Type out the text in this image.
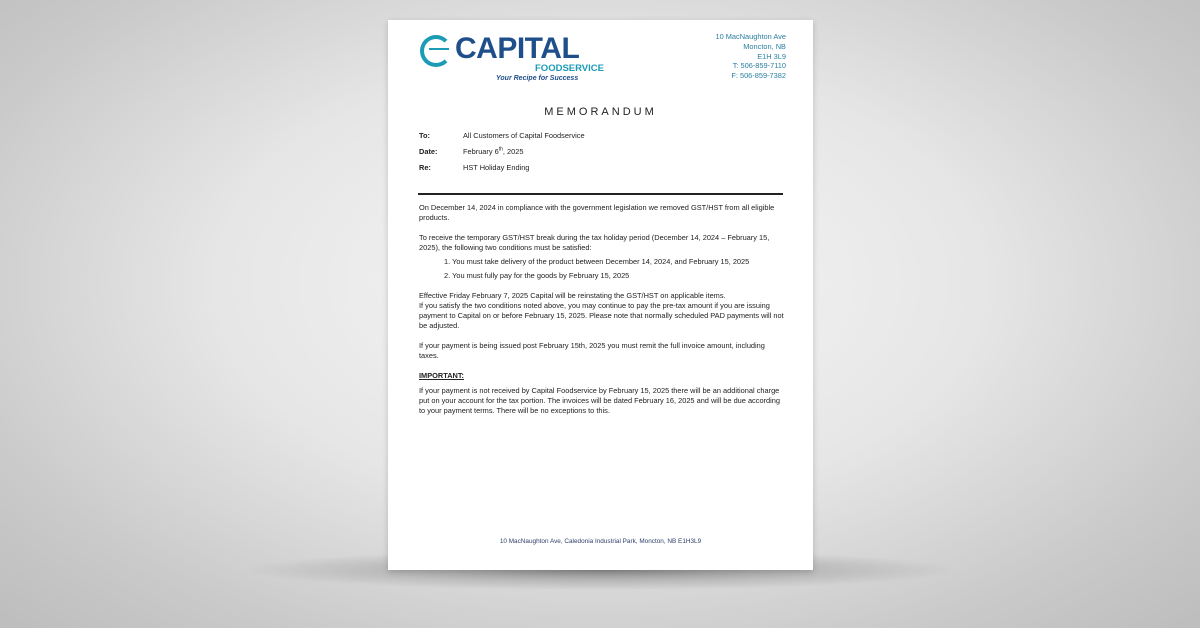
CAPITAL
FOODSERVICE
Your Recipe for Success
10 MacNaughton Ave
Moncton, NB
E1H 3L9
T: 506-859-7110
F: 506-859-7382
MEMORANDUM
To:	All Customers of Capital Foodservice
Date:	February 6th, 2025
Re:	HST Holiday Ending

On December 14, 2024 in compliance with the government legislation we removed GST/HST from all eligible products.

To receive the temporary GST/HST break during the tax holiday period (December 14, 2024 – February 15, 2025), the following two conditions must be satisfied:

1. You must take delivery of the product between December 14, 2024, and February 15, 2025
2. You must fully pay for the goods by February 15, 2025

Effective Friday February 7, 2025 Capital will be reinstating the GST/HST on applicable items.

If you satisfy the two conditions noted above, you may continue to pay the pre-tax amount if you are issuing payment to Capital on or before February 15, 2025. Please note that normally scheduled PAD payments will not be adjusted.

If your payment is being issued post February 15th, 2025 you must remit the full invoice amount, including taxes.

IMPORTANT:

If your payment is not received by Capital Foodservice by February 15, 2025 there will be an additional charge put on your account for the tax portion. The invoices will be dated February 16, 2025 and will be due according to your payment terms. There will be no exceptions to this.

10 MacNaughton Ave, Caledonia Industrial Park, Moncton, NB E1H3L9
